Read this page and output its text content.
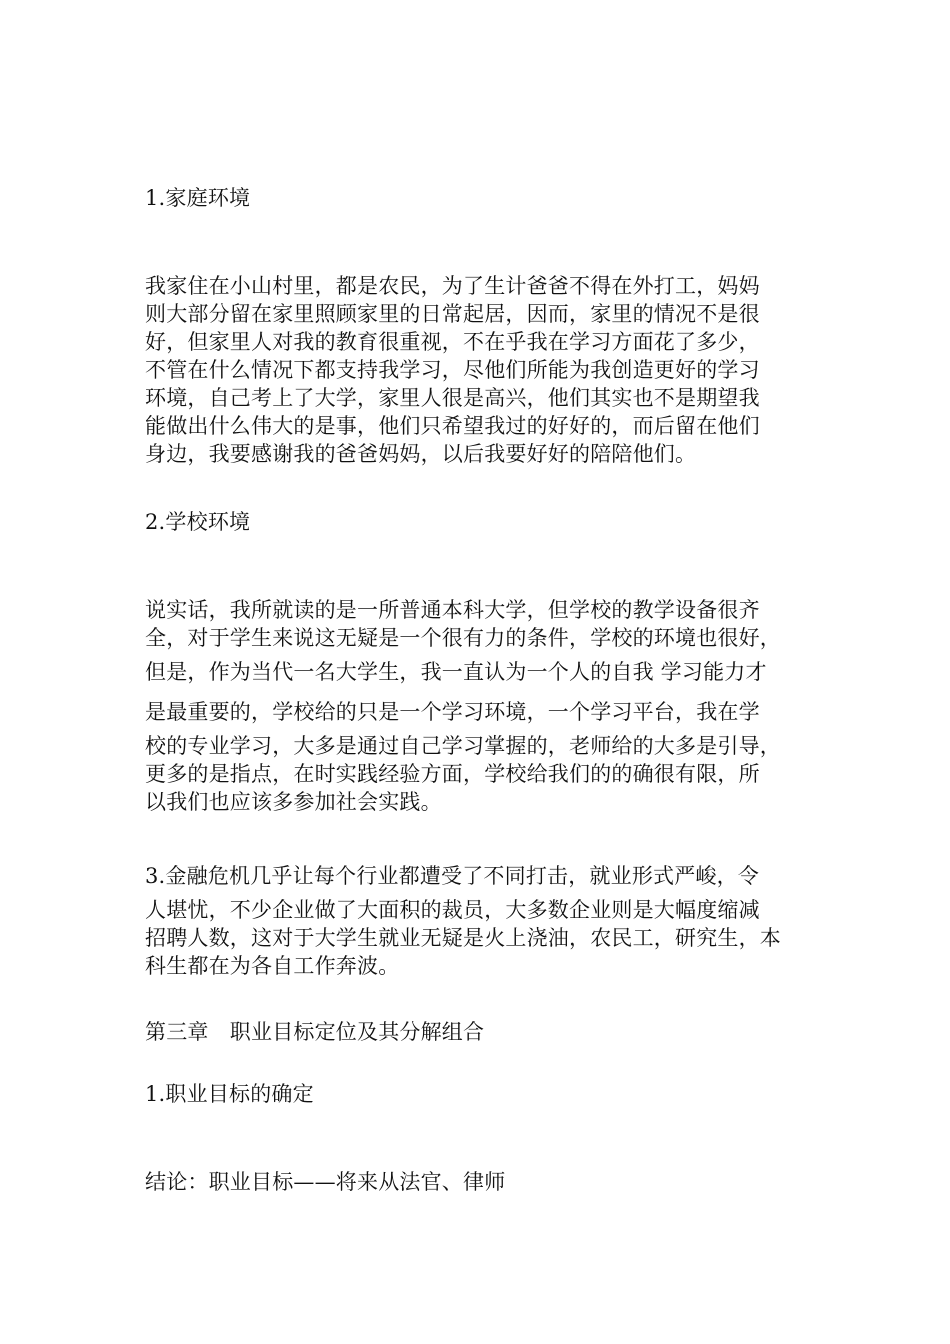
1.家庭环境

我家住在小山村里，都是农民，为了生计爸爸不得在外打工，妈妈
则大部分留在家里照顾家里的日常起居，因而，家里的情况不是很
好，但家里人对我的教育很重视，不在乎我在学习方面花了多少，
不管在什么情况下都支持我学习，尽他们所能为我创造更好的学习
环境，自己考上了大学，家里人很是高兴，他们其实也不是期望我
能做出什么伟大的是事，他们只希望我过的好好的，而后留在他们
身边，我要感谢我的爸爸妈妈，以后我要好好的陪陪他们。

2.学校环境

说实话，我所就读的是一所普通本科大学，但学校的教学设备很齐
全，对于学生来说这无疑是一个很有力的条件，学校的环境也很好，
但是，作为当代一名大学生，我一直认为一个人的自我 学习能力才
是最重要的，学校给的只是一个学习环境，一个学习平台，我在学
校的专业学习，大多是通过自己学习掌握的，老师给的大多是引导，
更多的是指点，在时实践经验方面，学校给我们的的确很有限，所
以我们也应该多参加社会实践。
3.金融危机几乎让每个行业都遭受了不同打击，就业形式严峻，令
人堪忧，不少企业做了大面积的裁员，大多数企业则是大幅度缩减
招聘人数，这对于大学生就业无疑是火上浇油，农民工，研究生，本
科生都在为各自工作奔波。

第三章　职业目标定位及其分解组合

1.职业目标的确定

结论：职业目标——将来从法官、律师
